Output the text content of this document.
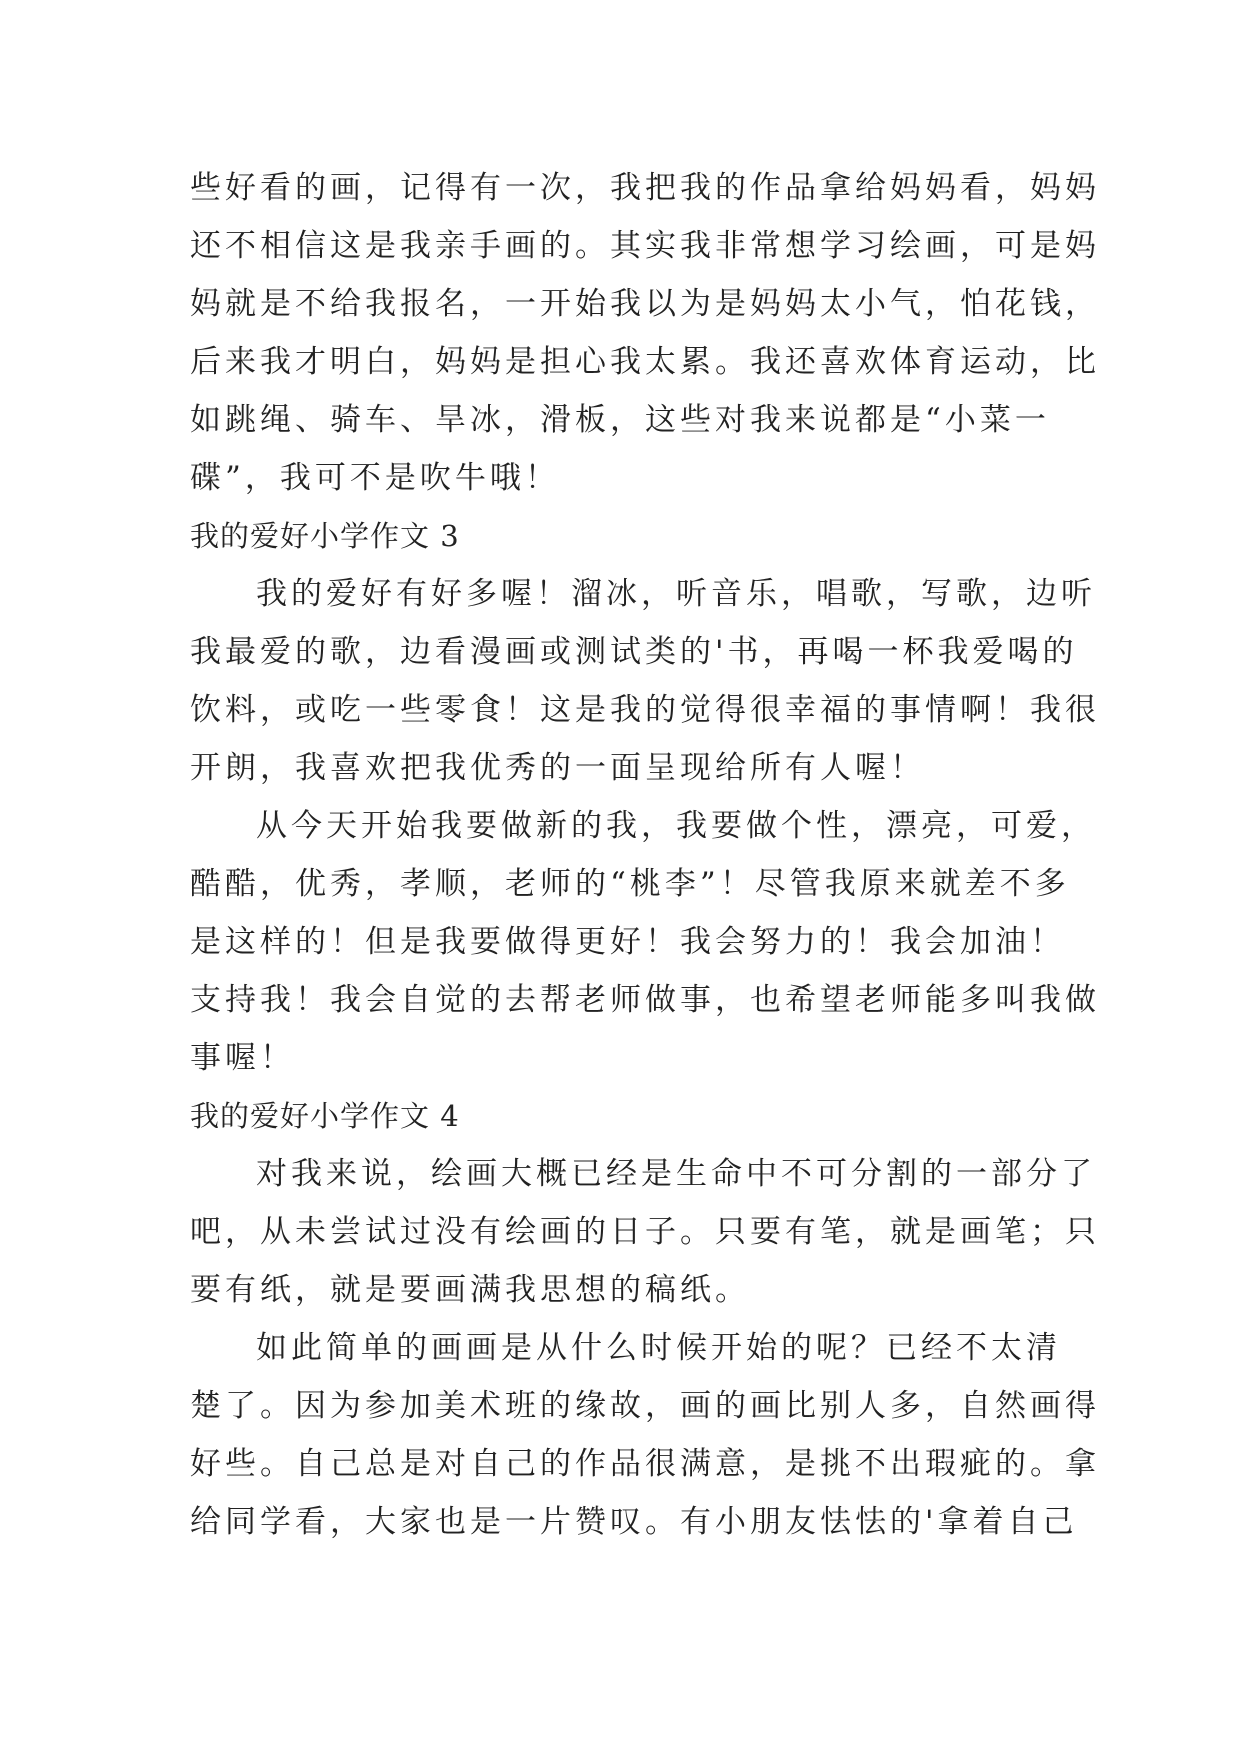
些好看的画，记得有一次，我把我的作品拿给妈妈看，妈妈
还不相信这是我亲手画的。其实我非常想学习绘画，可是妈
妈就是不给我报名，一开始我以为是妈妈太小气，怕花钱，
后来我才明白，妈妈是担心我太累。我还喜欢体育运动，比
如跳绳、骑车、旱冰，滑板，这些对我来说都是“小菜一
碟”，我可不是吹牛哦！
我的爱好小学作文 3
我的爱好有好多喔！溜冰，听音乐，唱歌，写歌，边听
我最爱的歌，边看漫画或测试类的'书，再喝一杯我爱喝的
饮料，或吃一些零食！这是我的觉得很幸福的事情啊！我很
开朗，我喜欢把我优秀的一面呈现给所有人喔！
从今天开始我要做新的我，我要做个性，漂亮，可爱，
酷酷，优秀，孝顺，老师的“桃李”！尽管我原来就差不多
是这样的！但是我要做得更好！我会努力的！我会加油！
支持我！我会自觉的去帮老师做事，也希望老师能多叫我做
事喔！
我的爱好小学作文 4
对我来说，绘画大概已经是生命中不可分割的一部分了
吧，从未尝试过没有绘画的日子。只要有笔，就是画笔；只
要有纸，就是要画满我思想的稿纸。
如此简单的画画是从什么时候开始的呢？已经不太清
楚了。因为参加美术班的缘故，画的画比别人多，自然画得
好些。自己总是对自己的作品很满意，是挑不出瑕疵的。拿
给同学看，大家也是一片赞叹。有小朋友怯怯的'拿着自己
